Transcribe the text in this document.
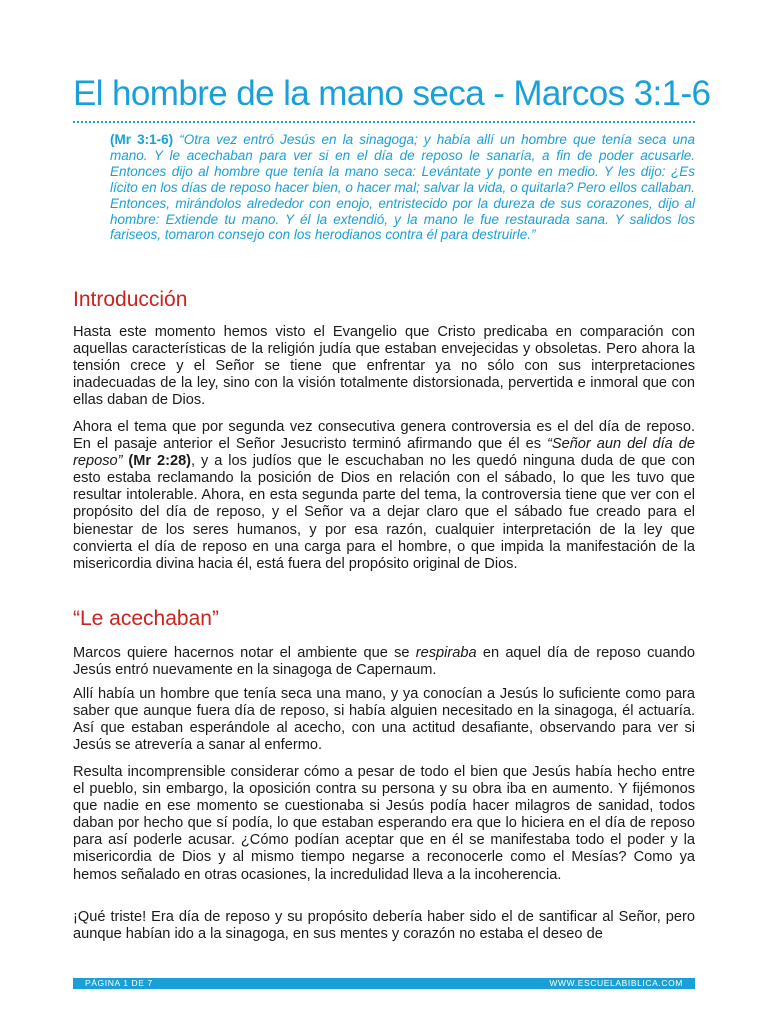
El hombre de la mano seca - Marcos 3:1-6
(Mr 3:1-6) “Otra vez entró Jesús en la sinagoga; y había allí un hombre que tenía seca una mano. Y le acechaban para ver si en el día de reposo le sanaría, a fin de poder acusarle. Entonces dijo al hombre que tenía la mano seca: Levántate y ponte en medio. Y les dijo: ¿Es lícito en los días de reposo hacer bien, o hacer mal; salvar la vida, o quitarla? Pero ellos callaban. Entonces, mirándolos alrededor con enojo, entristecido por la dureza de sus corazones, dijo al hombre: Extiende tu mano. Y él la extendió, y la mano le fue restaurada sana. Y salidos los fariseos, tomaron consejo con los herodianos contra él para destruirle.”
Introducción
Hasta este momento hemos visto el Evangelio que Cristo predicaba en comparación con aquellas características de la religión judía que estaban envejecidas y obsoletas. Pero ahora la tensión crece y el Señor se tiene que enfrentar ya no sólo con sus interpretaciones inadecuadas de la ley, sino con la visión totalmente distorsionada, pervertida e inmoral que con ellas daban de Dios.
Ahora el tema que por segunda vez consecutiva genera controversia es el del día de reposo. En el pasaje anterior el Señor Jesucristo terminó afirmando que él es “Señor aun del día de reposo” (Mr 2:28), y a los judíos que le escuchaban no les quedó ninguna duda de que con esto estaba reclamando la posición de Dios en relación con el sábado, lo que les tuvo que resultar intolerable. Ahora, en esta segunda parte del tema, la controversia tiene que ver con el propósito del día de reposo, y el Señor va a dejar claro que el sábado fue creado para el bienestar de los seres humanos, y por esa razón, cualquier interpretación de la ley que convierta el día de reposo en una carga para el hombre, o que impida la manifestación de la misericordia divina hacia él, está fuera del propósito original de Dios.
“Le acechaban”
Marcos quiere hacernos notar el ambiente que se respiraba en aquel día de reposo cuando Jesús entró nuevamente en la sinagoga de Capernaum.
Allí había un hombre que tenía seca una mano, y ya conocían a Jesús lo suficiente como para saber que aunque fuera día de reposo, si había alguien necesitado en la sinagoga, él actuaría. Así que estaban esperándole al acecho, con una actitud desafiante, observando para ver si Jesús se atrevería a sanar al enfermo.
Resulta incomprensible considerar cómo a pesar de todo el bien que Jesús había hecho entre el pueblo, sin embargo, la oposición contra su persona y su obra iba en aumento. Y fijémonos que nadie en ese momento se cuestionaba si Jesús podía hacer milagros de sanidad, todos daban por hecho que sí podía, lo que estaban esperando era que lo hiciera en el día de reposo para así poderle acusar. ¿Cómo podían aceptar que en él se manifestaba todo el poder y la misericordia de Dios y al mismo tiempo negarse a reconocerle como el Mesías? Como ya hemos señalado en otras ocasiones, la incredulidad lleva a la incoherencia.
¡Qué triste! Era día de reposo y su propósito debería haber sido el de santificar al Señor, pero aunque habían ido a la sinagoga, en sus mentes y corazón no estaba el deseo de
PÁGINA 1 DE 7	WWW.ESCUELABIBLICA.COM
